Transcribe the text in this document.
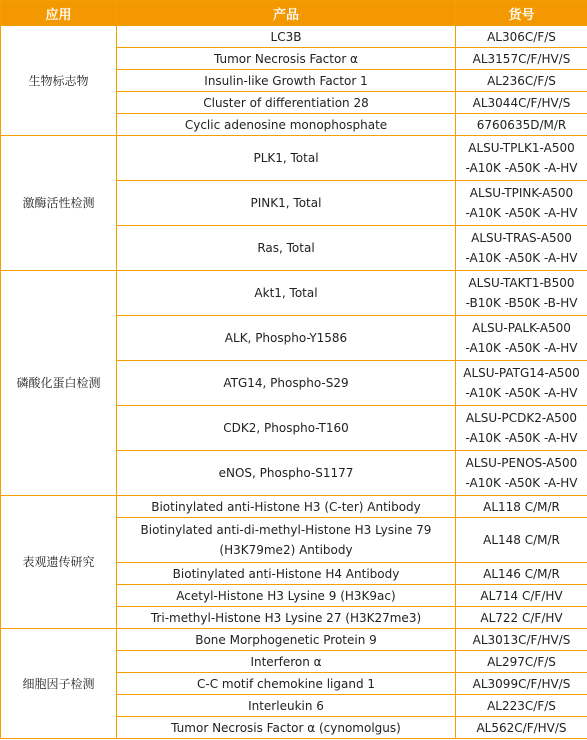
应用	产品	货号
生物标志物	LC3B	AL306C/F/S
	Tumor Necrosis Factor α	AL3157C/F/HV/S
	Insulin-like Growth Factor 1	AL236C/F/S
	Cluster of differentiation 28	AL3044C/F/HV/S
	Cyclic adenosine monophosphate	6760635D/M/R
激酶活性检测	PLK1, Total	ALSU-TPLK1-A500
-A10K -A50K -A-HV
	PINK1, Total	ALSU-TPINK-A500
-A10K -A50K -A-HV
	Ras, Total	ALSU-TRAS-A500
-A10K -A50K -A-HV
磷酸化蛋白检测	Akt1, Total	ALSU-TAKT1-B500
-B10K -B50K -B-HV
	ALK, Phospho-Y1586	ALSU-PALK-A500
-A10K -A50K -A-HV
	ATG14, Phospho-S29	ALSU-PATG14-A500
-A10K -A50K -A-HV
	CDK2, Phospho-T160	ALSU-PCDK2-A500
-A10K -A50K -A-HV
	eNOS, Phospho-S1177	ALSU-PENOS-A500
-A10K -A50K -A-HV
表观遗传研究	Biotinylated anti-Histone H3 (C-ter) Antibody	AL118 C/M/R
	Biotinylated anti-di-methyl-Histone H3 Lysine 79
(H3K79me2) Antibody	AL148 C/M/R
	Biotinylated anti-Histone H4 Antibody	AL146 C/M/R
	Acetyl-Histone H3 Lysine 9 (H3K9ac)	AL714 C/F/HV
	Tri-methyl-Histone H3 Lysine 27 (H3K27me3)	AL722 C/F/HV
细胞因子检测	Bone Morphogenetic Protein 9	AL3013C/F/HV/S
	Interferon α	AL297C/F/S
	C-C motif chemokine ligand 1	AL3099C/F/HV/S
	Interleukin 6	AL223C/F/S
	Tumor Necrosis Factor α (cynomolgus)	AL562C/F/HV/S
